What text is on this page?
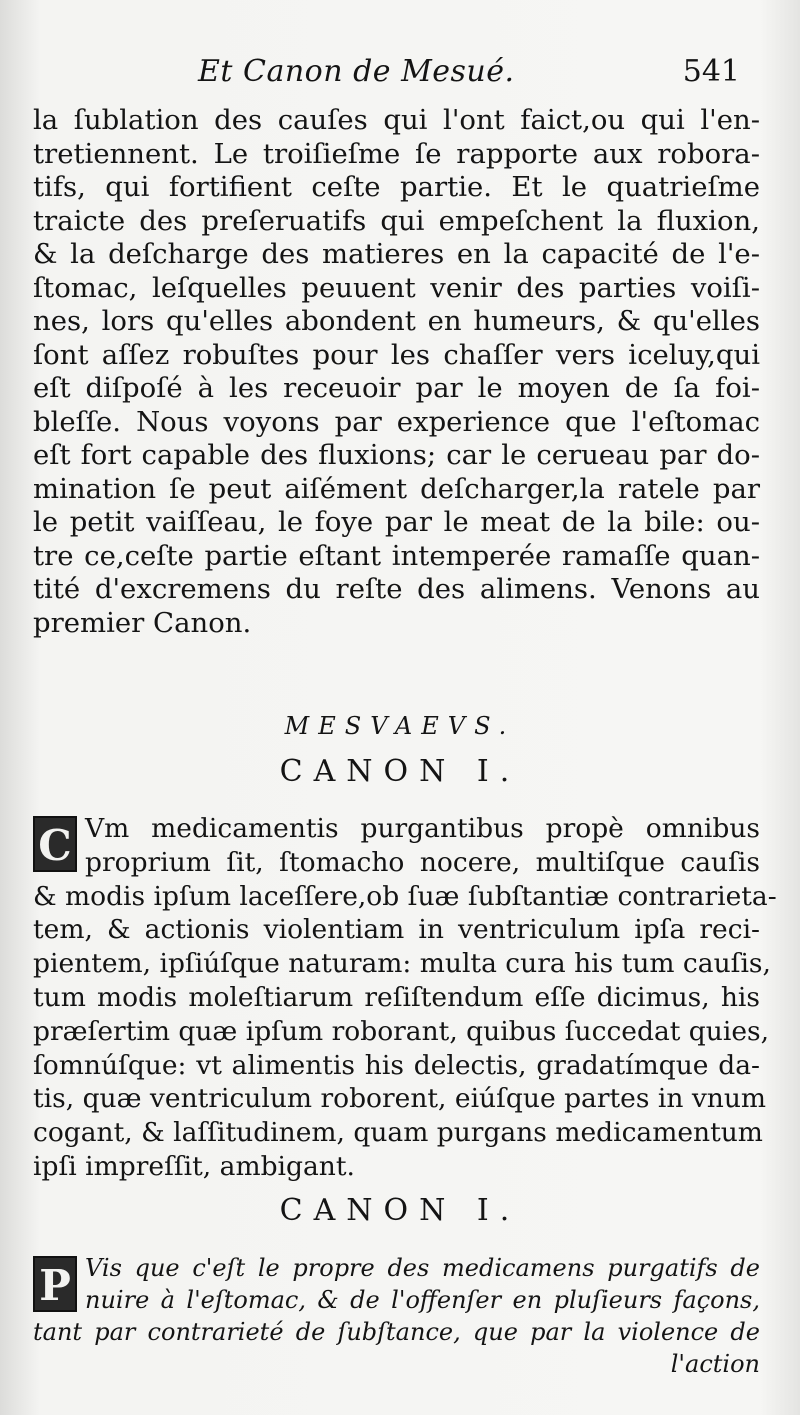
Et Canon de Mesué.	541
la ſublation des cauſes qui l'ont faict,ou qui l'en-
tretiennent. Le troiſieſme ſe rapporte aux robora-
tifs, qui fortifient ceſte partie. Et le quatrieſme
traicte des preſeruatifs qui empeſchent la fluxion,
& la deſcharge des matieres en la capacité de l'e-
ſtomac, leſquelles peuuent venir des parties voiſi-
nes, lors qu'elles abondent en humeurs, & qu'elles
ſont aſſez robuſtes pour les chaſſer vers iceluy,qui
eſt diſpoſé à les receuoir par le moyen de ſa foi-
bleſſe. Nous voyons par experience que l'eſtomac
eſt fort capable des fluxions; car le cerueau par do-
mination ſe peut aiſément deſcharger,la ratele par
le petit vaiſſeau, le foye par le meat de la bile: ou-
tre ce,ceſte partie eſtant intemperée ramaſſe quan-
tité d'excremens du reſte des alimens. Venons au
premier Canon.
MESVAEVS.
CANON I.
C Vm medicamentis purgantibus propè omnibus
proprium ſit, ſtomacho nocere, multiſque cauſis
& modis ipſum laceſſere,ob ſuæ ſubſtantiæ contrarieta-
tem, & actionis violentiam in ventriculum ipſa reci-
pientem, ipſiúſque naturam: multa cura his tum cauſis,
tum modis moleſtiarum reſiſtendum eſſe dicimus, his
præſertim quæ ipſum roborant, quibus ſuccedat quies,
ſomnúſque: vt alimentis his delectis, gradatímque da-
tis, quæ ventriculum roborent, eiúſque partes in vnum
cogant, & laſſitudinem, quam purgans medicamentum
ipſi impreſſit, ambigant.
CANON I.
P Vis que c'eſt le propre des medicamens purgatifs de
nuire à l'eſtomac, & de l'offenſer en pluſieurs façons,
tant par contrarieté de ſubſtance, que par la violence de
l'action
